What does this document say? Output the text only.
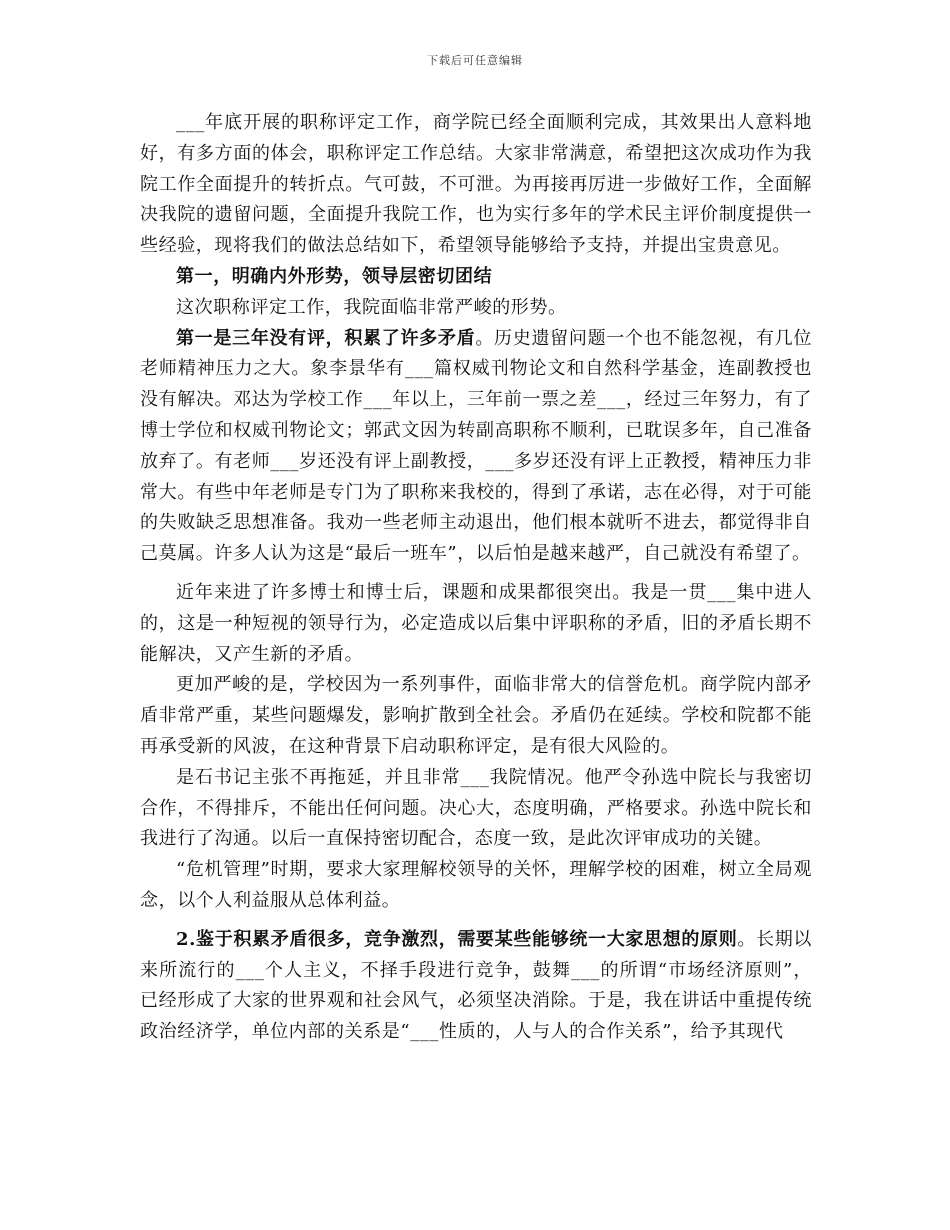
下载后可任意编辑

___年底开展的职称评定工作，商学院已经全面顺利完成，其效果出人意料地好，有多方面的体会，职称评定工作总结。大家非常满意，希望把这次成功作为我院工作全面提升的转折点。气可鼓，不可泄。为再接再厉进一步做好工作，全面解决我院的遗留问题，全面提升我院工作，也为实行多年的学术民主评价制度提供一些经验，现将我们的做法总结如下，希望领导能够给予支持，并提出宝贵意见。

第一，明确内外形势，领导层密切团结

这次职称评定工作，我院面临非常严峻的形势。

第一是三年没有评，积累了许多矛盾。历史遗留问题一个也不能忽视，有几位老师精神压力之大。象李景华有___篇权威刊物论文和自然科学基金，连副教授也没有解决。邓达为学校工作___年以上，三年前一票之差___，经过三年努力，有了博士学位和权威刊物论文；郭武文因为转副高职称不顺利，已耽误多年，自己准备放弃了。有老师___岁还没有评上副教授，___多岁还没有评上正教授，精神压力非常大。有些中年老师是专门为了职称来我校的，得到了承诺，志在必得，对于可能的失败缺乏思想准备。我劝一些老师主动退出，他们根本就听不进去，都觉得非自己莫属。许多人认为这是“最后一班车”，以后怕是越来越严，自己就没有希望了。

近年来进了许多博士和博士后，课题和成果都很突出。我是一贯___集中进人的，这是一种短视的领导行为，必定造成以后集中评职称的矛盾，旧的矛盾长期不能解决，又产生新的矛盾。

更加严峻的是，学校因为一系列事件，面临非常大的信誉危机。商学院内部矛盾非常严重，某些问题爆发，影响扩散到全社会。矛盾仍在延续。学校和院都不能再承受新的风波，在这种背景下启动职称评定，是有很大风险的。

是石书记主张不再拖延，并且非常___我院情况。他严令孙选中院长与我密切合作，不得排斥，不能出任何问题。决心大，态度明确，严格要求。孙选中院长和我进行了沟通。以后一直保持密切配合，态度一致，是此次评审成功的关键。

“危机管理”时期，要求大家理解校领导的关怀，理解学校的困难，树立全局观念，以个人利益服从总体利益。

2.鉴于积累矛盾很多，竞争激烈，需要某些能够统一大家思想的原则。长期以来所流行的___个人主义，不择手段进行竞争，鼓舞___的所谓“市场经济原则”，已经形成了大家的世界观和社会风气，必须坚决消除。于是，我在讲话中重提传统政治经济学，单位内部的关系是“___性质的，人与人的合作关系”，给予其现代
